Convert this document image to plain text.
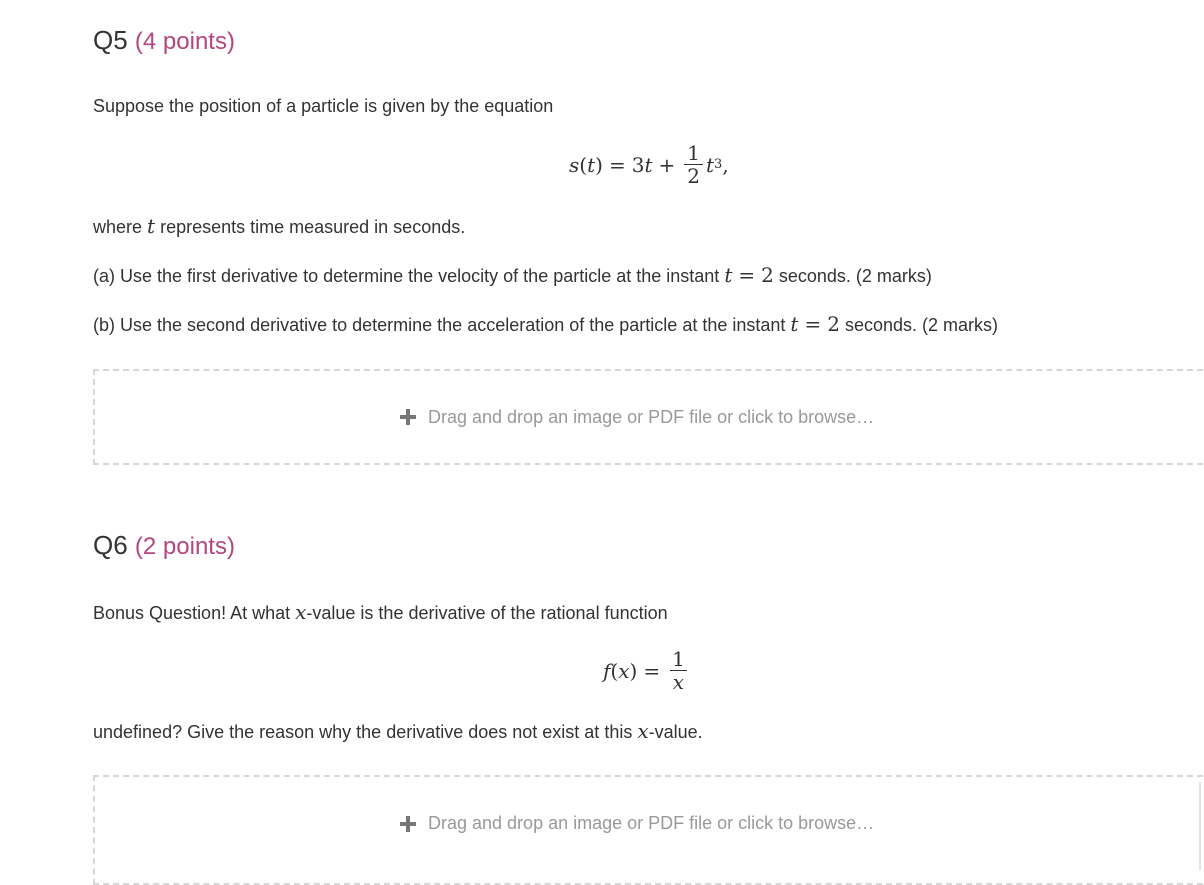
Q5 (4 points)

Suppose the position of a particle is given by the equation

s ( t ) = 3 $t + \frac{1}{2}$ t 3 ,

where t represents time measured in seconds.

(a) Use the first derivative to determine the velocity of the particle at the instant t = 2 seconds. (2 marks)

(b) Use the second derivative to determine the acceleration of the particle at the instant t = 2 seconds. (2 marks)

Drag and drop an image or PDF file or click to browse…
Q6 (2 points)

Bonus Question! At what x-value is the derivative of the rational function

f ( x ) = $\frac{1}{x}$

undefined? Give the reason why the derivative does not exist at this x-value.

Drag and drop an image or PDF file or click to browse…
